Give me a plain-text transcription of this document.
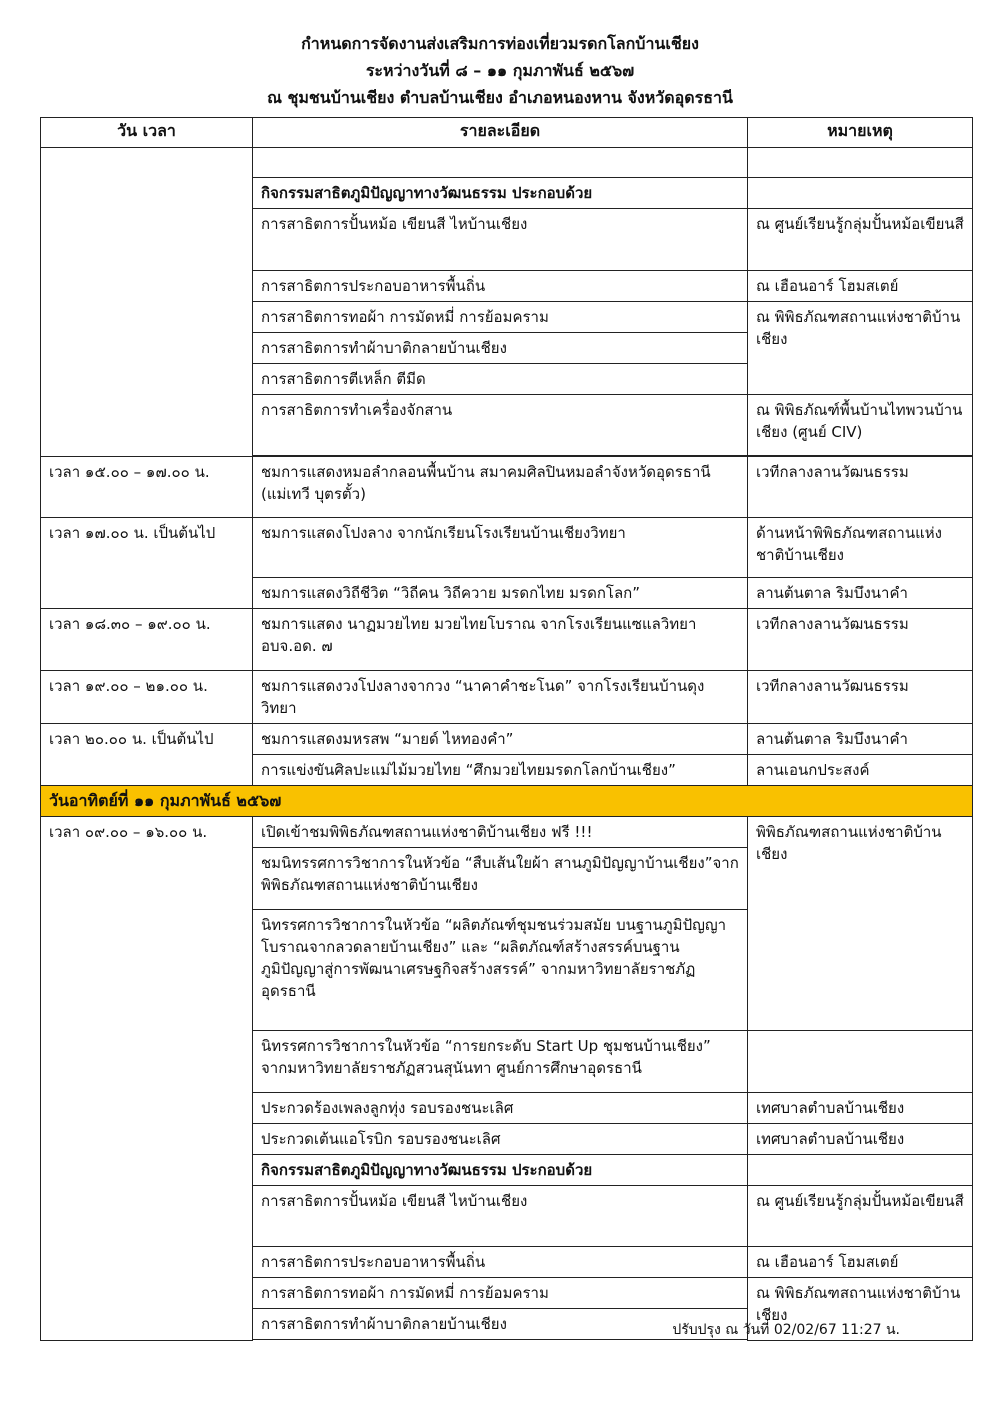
กำหนดการจัดงานส่งเสริมการท่องเที่ยวมรดกโลกบ้านเชียง
ระหว่างวันที่ ๘ – ๑๑ กุมภาพันธ์ ๒๕๖๗
ณ ชุมชนบ้านเชียง ตำบลบ้านเชียง อำเภอหนองหาน จังหวัดอุดรธานี
วัน เวลา	รายละเอียด	หมายเหตุ

	กิจกรรมสาธิตภูมิปัญญาทางวัฒนธรรม ประกอบด้วย	
	การสาธิตการปั้นหม้อ เขียนสี ไหบ้านเชียง	ณ ศูนย์เรียนรู้กลุ่มปั้นหม้อเขียนสี
	การสาธิตการประกอบอาหารพื้นถิ่น	ณ เฮือนอาร์ โฮมสเตย์
	การสาธิตการทอผ้า การมัดหมี่ การย้อมคราม	ณ พิพิธภัณฑสถานแห่งชาติบ้านเชียง
	การสาธิตการทำผ้าบาติกลายบ้านเชียง	
	การสาธิตการตีเหล็ก ตีมีด	
	การสาธิตการทำเครื่องจักสาน	ณ พิพิธภัณฑ์พื้นบ้านไทพวนบ้านเชียง (ศูนย์ CIV)

เวลา ๑๕.๐๐ – ๑๗.๐๐ น.	ชมการแสดงหมอลำกลอนพื้นบ้าน สมาคมศิลปินหมอลำจังหวัดอุดรธานี (แม่เทวี บุตรตั้ว)	เวทีกลางลานวัฒนธรรม
เวลา ๑๗.๐๐ น. เป็นต้นไป	ชมการแสดงโปงลาง จากนักเรียนโรงเรียนบ้านเชียงวิทยา	ด้านหน้าพิพิธภัณฑสถานแห่งชาติบ้านเชียง
	ชมการแสดงวิถีชีวิต “วิถีคน วิถีควาย มรดกไทย มรดกโลก”	ลานต้นตาล ริมบึงนาคำ
เวลา ๑๘.๓๐ – ๑๙.๐๐ น.	ชมการแสดง นาฏมวยไทย มวยไทยโบราณ จากโรงเรียนแซแลวิทยา อบจ.อด. ๗	เวทีกลางลานวัฒนธรรม
เวลา ๑๙.๐๐ – ๒๑.๐๐ น.	ชมการแสดงวงโปงลางจากวง “นาคาคำชะโนด” จากโรงเรียนบ้านดุงวิทยา	เวทีกลางลานวัฒนธรรม
เวลา ๒๐.๐๐ น. เป็นต้นไป	ชมการแสดงมหรสพ “มายด์ ไหทองคำ”	ลานต้นตาล ริมบึงนาคำ
	การแข่งขันศิลปะแม่ไม้มวยไทย “ศึกมวยไทยมรดกโลกบ้านเชียง”	ลานเอนกประสงค์
วันอาทิตย์ที่ ๑๑ กุมภาพันธ์ ๒๕๖๗		
เวลา ๐๙.๐๐ – ๑๖.๐๐ น.	เปิดเข้าชมพิพิธภัณฑสถานแห่งชาติบ้านเชียง ฟรี !!!	พิพิธภัณฑสถานแห่งชาติบ้านเชียง
	ชมนิทรรศการวิชาการในหัวข้อ “สืบเส้นใยผ้า สานภูมิปัญญาบ้านเชียง”จากพิพิธภัณฑสถานแห่งชาติบ้านเชียง	
	นิทรรศการวิชาการในหัวข้อ “ผลิตภัณฑ์ชุมชนร่วมสมัย บนฐานภูมิปัญญาโบราณจากลวดลายบ้านเชียง” และ “ผลิตภัณฑ์สร้างสรรค์บนฐานภูมิปัญญาสู่การพัฒนาเศรษฐกิจสร้างสรรค์” จากมหาวิทยาลัยราชภัฏอุดรธานี	
	นิทรรศการวิชาการในหัวข้อ “การยกระดับ Start Up ชุมชนบ้านเชียง” จากมหาวิทยาลัยราชภัฏสวนสุนันทา ศูนย์การศึกษาอุดรธานี	
	ประกวดร้องเพลงลูกทุ่ง รอบรองชนะเลิศ	เทศบาลตำบลบ้านเชียง
	ประกวดเต้นแอโรบิก รอบรองชนะเลิศ	เทศบาลตำบลบ้านเชียง
	กิจกรรมสาธิตภูมิปัญญาทางวัฒนธรรม ประกอบด้วย	
	การสาธิตการปั้นหม้อ เขียนสี ไหบ้านเชียง	ณ ศูนย์เรียนรู้กลุ่มปั้นหม้อเขียนสี
	การสาธิตการประกอบอาหารพื้นถิ่น	ณ เฮือนอาร์ โฮมสเตย์
	การสาธิตการทอผ้า การมัดหมี่ การย้อมคราม	ณ พิพิธภัณฑสถานแห่งชาติบ้านเชียง
	การสาธิตการทำผ้าบาติกลายบ้านเชียง		ปรับปรุง ณ วันที่ 02/02/67 11:27 น.
